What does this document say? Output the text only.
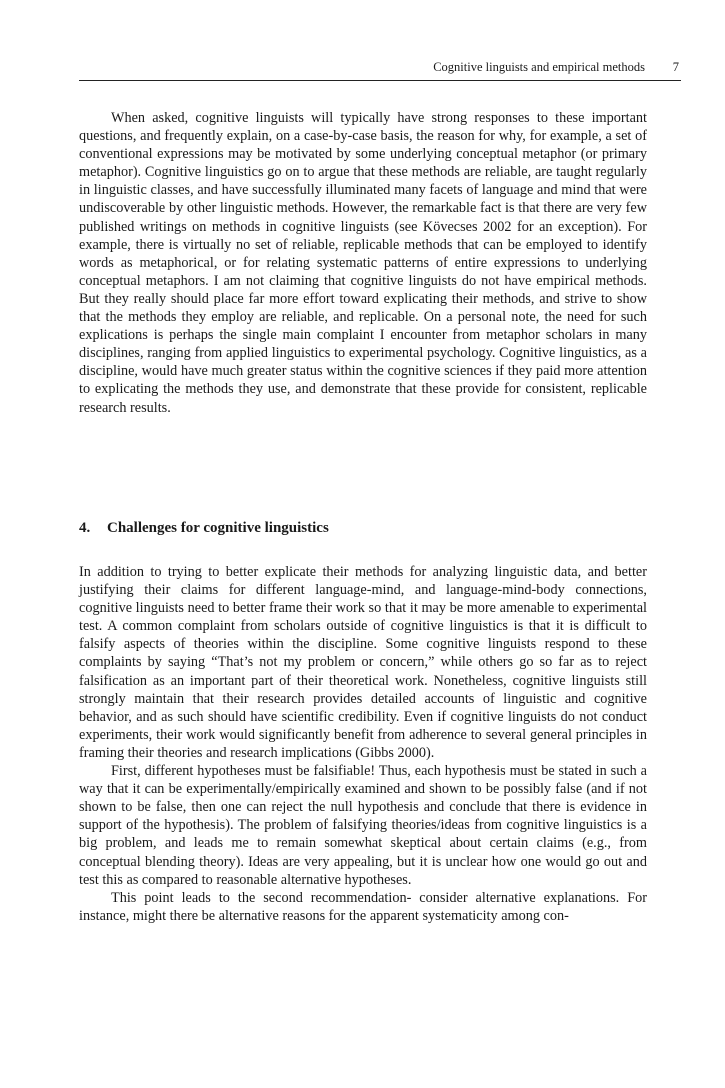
Cognitive linguists and empirical methods 7

When asked, cognitive linguists will typically have strong responses to these important questions, and frequently explain, on a case-by-case basis, the reason for why, for example, a set of conventional expressions may be motivated by some underlying conceptual metaphor (or primary metaphor). Cognitive linguistics go on to argue that these methods are reliable, are taught regularly in linguistic classes, and have successfully illuminated many facets of language and mind that were undiscoverable by other linguistic methods. However, the remarkable fact is that there are very few published writings on methods in cognitive linguists (see Kövecses 2002 for an exception). For example, there is virtually no set of reliable, replicable methods that can be employed to identify words as metaphorical, or for relating systematic patterns of entire expressions to underlying conceptual metaphors. I am not claiming that cognitive linguists do not have empirical methods. But they really should place far more effort toward explicating their methods, and strive to show that the methods they employ are reliable, and replicable. On a personal note, the need for such explications is perhaps the single main complaint I encounter from metaphor scholars in many disciplines, ranging from applied linguistics to experimental psychology. Cognitive linguistics, as a discipline, would have much greater status within the cognitive sciences if they paid more attention to explicating the methods they use, and demonstrate that these provide for consistent, replicable research results.

4. Challenges for cognitive linguistics

In addition to trying to better explicate their methods for analyzing linguistic data, and better justifying their claims for different language-mind, and language-mind-body connections, cognitive linguists need to better frame their work so that it may be more amenable to experimental test. A common complaint from scholars outside of cognitive linguistics is that it is difficult to falsify aspects of theories within the discipline. Some cognitive linguists respond to these complaints by saying “That’s not my problem or concern,” while others go so far as to reject falsification as an important part of their theoretical work. Nonetheless, cognitive linguists still strongly maintain that their research provides detailed accounts of linguistic and cognitive behavior, and as such should have scientific credibility. Even if cognitive linguists do not conduct experiments, their work would significantly benefit from adherence to several general principles in framing their theories and research implications (Gibbs 2000).

First, different hypotheses must be falsifiable! Thus, each hypothesis must be stated in such a way that it can be experimentally/empirically examined and shown to be possibly false (and if not shown to be false, then one can reject the null hypothesis and conclude that there is evidence in support of the hypothesis). The problem of falsifying theories/ideas from cognitive linguistics is a big problem, and leads me to remain somewhat skeptical about certain claims (e.g., from conceptual blending theory). Ideas are very appealing, but it is unclear how one would go out and test this as compared to reasonable alternative hypotheses.

This point leads to the second recommendation- consider alternative explanations. For instance, might there be alternative reasons for the apparent systematicity among con-
